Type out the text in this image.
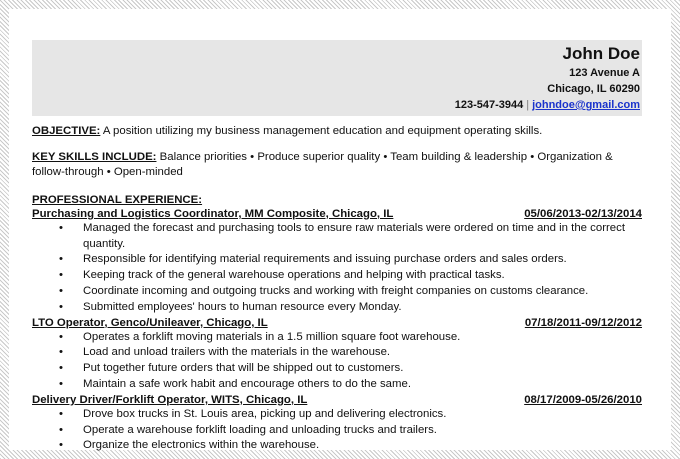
John Doe
123 Avenue A
Chicago, IL 60290
123-547-3944 | johndoe@gmail.com

OBJECTIVE: A position utilizing my business management education and equipment operating skills.

KEY SKILLS INCLUDE: Balance priorities • Produce superior quality • Team building & leadership • Organization & follow-through • Open-minded

PROFESSIONAL EXPERIENCE:

Purchasing and Logistics Coordinator, MM Composite, Chicago, IL	05/06/2013-02/13/2014
• Managed the forecast and purchasing tools to ensure raw materials were ordered on time and in the correct quantity.
• Responsible for identifying material requirements and issuing purchase orders and sales orders.
• Keeping track of the general warehouse operations and helping with practical tasks.
• Coordinate incoming and outgoing trucks and working with freight companies on customs clearance.
• Submitted employees' hours to human resource every Monday.
LTO Operator, Genco/Unileaver, Chicago, IL	07/18/2011-09/12/2012
• Operates a forklift moving materials in a 1.5 million square foot warehouse.
• Load and unload trailers with the materials in the warehouse.
• Put together future orders that will be shipped out to customers.
• Maintain a safe work habit and encourage others to do the same.
Delivery Driver/Forklift Operator, WITS, Chicago, IL	08/17/2009-05/26/2010
• Drove box trucks in St. Louis area, picking up and delivering electronics.
• Operate a warehouse forklift loading and unloading trucks and trailers.
• Organize the electronics within the warehouse.
